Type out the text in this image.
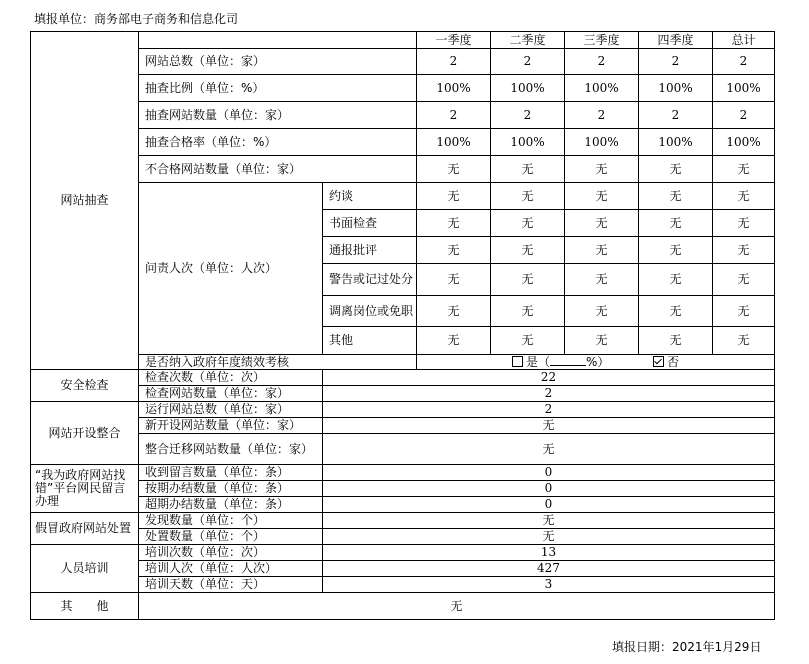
填报单位：商务部电子商务和信息化司
网站抽查			一季度	二季度	三季度	四季度	总计
	网站总数（单位：家）		2	2	2	2	2
	抽查比例（单位：%）		100%	100%	100%	100%	100%
	抽查网站数量（单位：家）		2	2	2	2	2
	抽查合格率（单位：%）		100%	100%	100%	100%	100%
	不合格网站数量（单位：家）		无	无	无	无	无
	问责人次（单位：人次）	约谈	无	无	无	无	无
		书面检查	无	无	无	无	无
		通报批评	无	无	无	无	无
		警告或记过处分	无	无	无	无	无
		调离岗位或免职	无	无	无	无	无
		其他	无	无	无	无	无
	是否纳入政府年度绩效考核		是（ %） 否				
安全检查	检查次数（单位：次）	22					
	检查网站数量（单位：家）	2					
网站开设整合	运行网站总数（单位：家）	2					
	新开设网站数量（单位：家）	无					
	整合迁移网站数量（单位：家）	无					
“我为政府网站找错”平台网民留言办理	收到留言数量（单位：条）	0					
	按期办结数量（单位：条）	0					
	超期办结数量（单位：条）	0					
假冒政府网站处置	发现数量（单位：个）	无					
	处置数量（单位：个）	无					
人员培训	培训次数（单位：次）	13					
	培训人次（单位：人次）	427					
	培训天数（单位：天）	3					
其　　他	无						
填报日期：2021年1月29日
